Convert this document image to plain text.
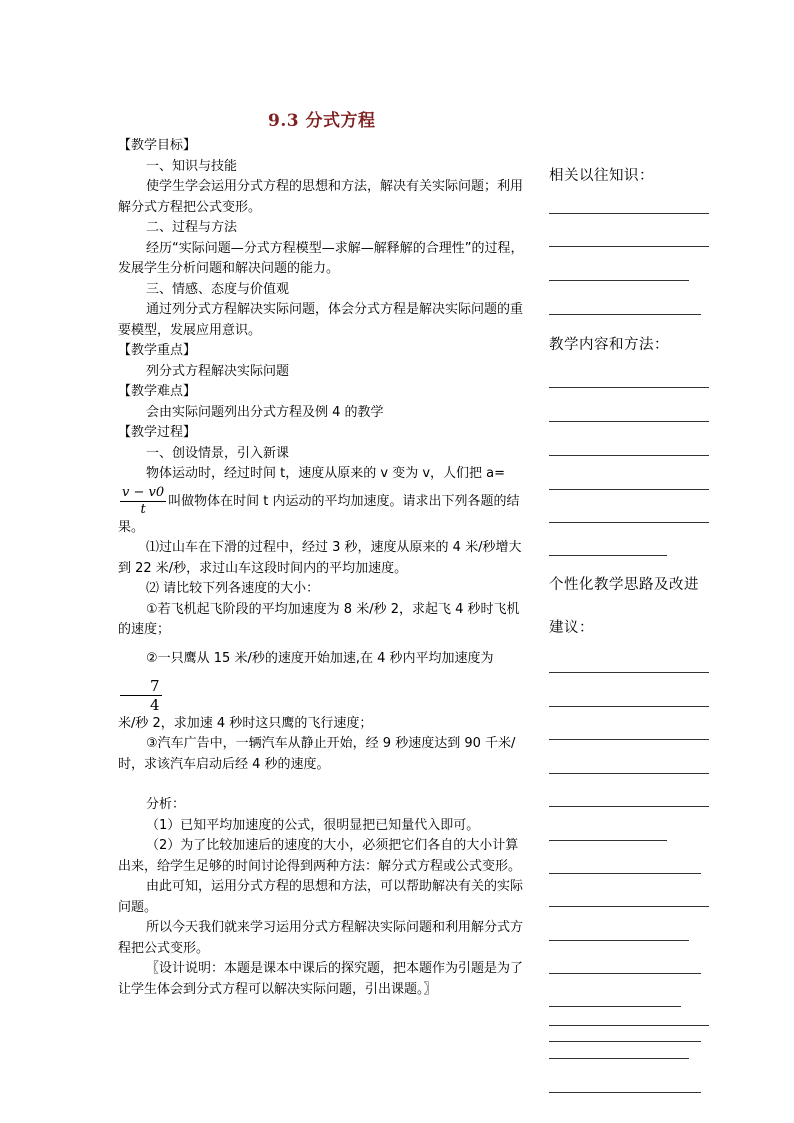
9.3 分式方程

【教学目标】

一、知识与技能

使学生学会运用分式方程的思想和方法，解决有关实际问题；利用解分式方程把公式变形。

二、过程与方法

经历“实际问题—分式方程模型—求解—解释解的合理性”的过程，发展学生分析问题和解决问题的能力。

三、情感、态度与价值观

通过列分式方程解决实际问题，体会分式方程是解决实际问题的重要模型，发展应用意识。

【教学重点】

列分式方程解决实际问题

【教学难点】

会由实际问题列出分式方程及例 4 的教学

【教学过程】

一、创设情景，引入新课

物体运动时，经过时间 t，速度从原来的 v 变为 v，人们把 a=

$\frac{v - v0}{t}$ 叫做物体在时间 t 内运动的平均加速度。请求出下列各题的结果。

⑴过山车在下滑的过程中，经过 3 秒，速度从原来的 4 米/秒增大到 22 米/秒，求过山车这段时间内的平均加速度。

⑵ 请比较下列各速度的大小：

①若飞机起飞阶段的平均加速度为 8 米/秒 2，求起飞 4 秒时飞机的速度；

②一只鹰从 15 米/秒的速度开始加速,在 4 秒内平均加速度为
$\frac{7}{4}$

米/秒 2，求加速 4 秒时这只鹰的飞行速度；

③汽车广告中，一辆汽车从静止开始，经 9 秒速度达到 90 千米/时，求该汽车启动后经 4 秒的速度。

分析：

（1）已知平均加速度的公式，很明显把已知量代入即可。

（2）为了比较加速后的速度的大小，必须把它们各自的大小计算出来，给学生足够的时间讨论得到两种方法：解分式方程或公式变形。

由此可知，运用分式方程的思想和方法，可以帮助解决有关的实际问题。

所以今天我们就来学习运用分式方程解决实际问题和利用解分式方程把公式变形。

〖设计说明：本题是课本中课后的探究题，把本题作为引题是为了让学生体会到分式方程可以解决实际问题，引出课题。〗

相关以往知识：
教学内容和方法：
个性化教学思路及改进
建议：
